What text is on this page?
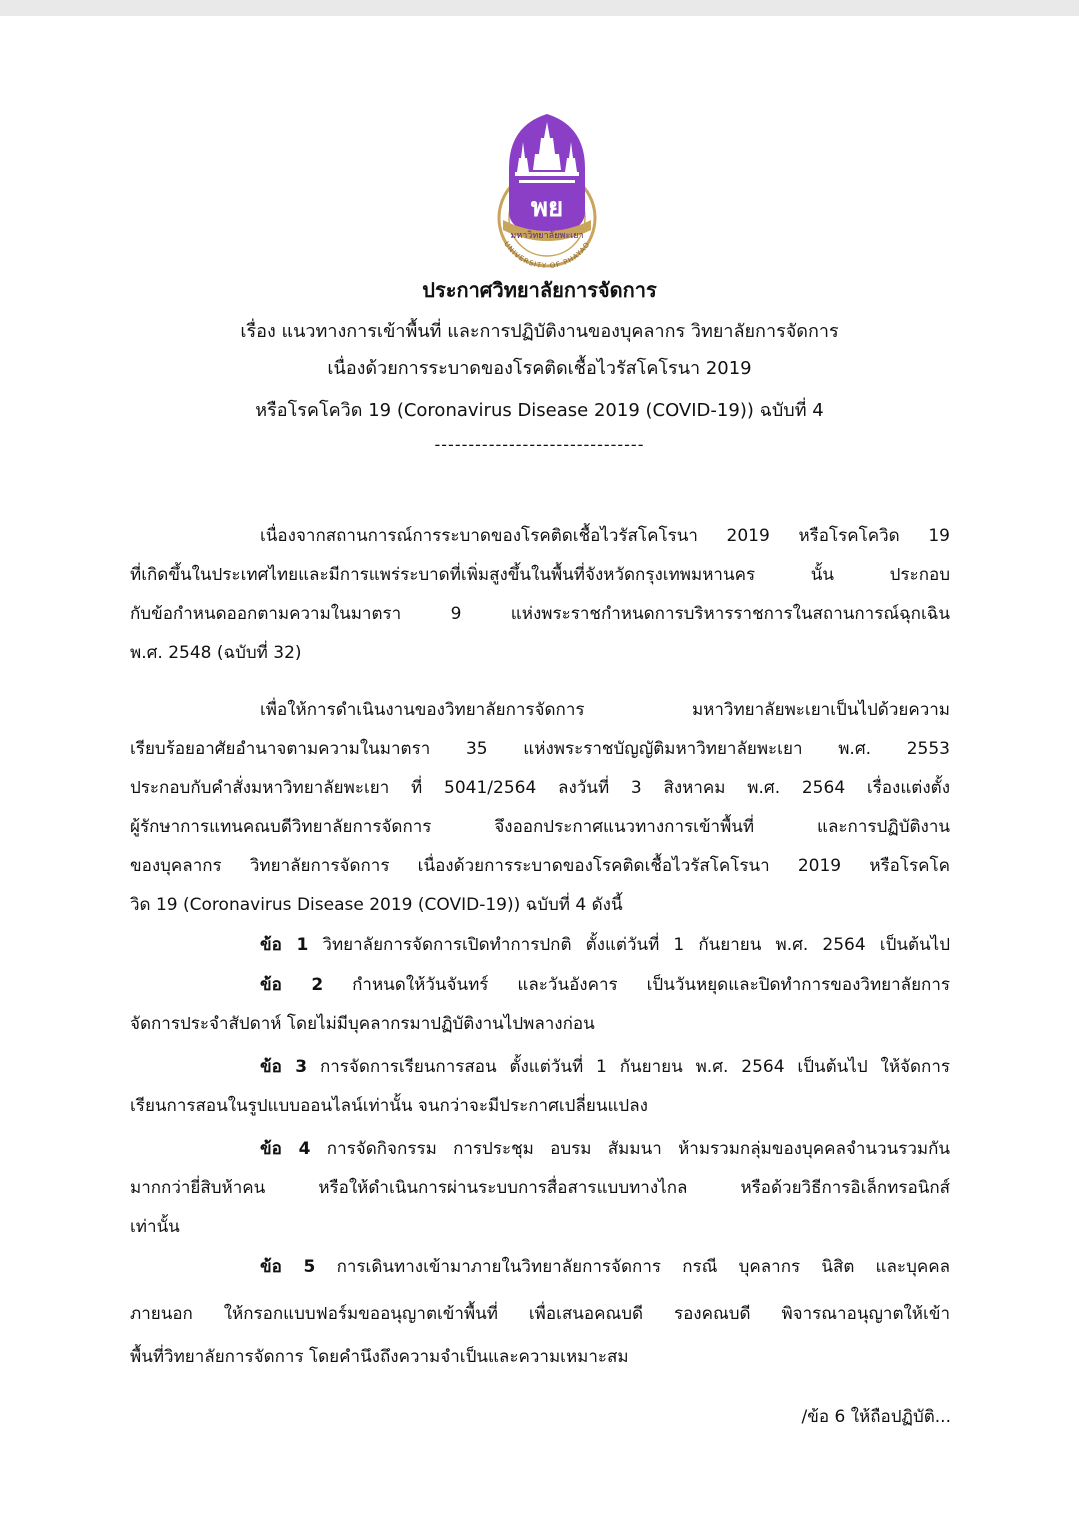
พย
มหาวิทยาลัยพะเยา
UNIVERSITY OF PHAYAO
ประกาศวิทยาลัยการจัดการ
เรื่อง แนวทางการเข้าพื้นที่ และการปฏิบัติงานของบุคลากร วิทยาลัยการจัดการ
เนื่องด้วยการระบาดของโรคติดเชื้อไวรัสโคโรนา 2019
หรือโรคโควิด 19 (Coronavirus Disease 2019 (COVID-19)) ฉบับที่ 4
-------------------------------
เนื่องจากสถานการณ์การระบาดของโรคติดเชื้อไวรัสโคโรนา 2019 หรือโรคโควิด 19
ที่เกิดขึ้นในประเทศไทยและมีการแพร่ระบาดที่เพิ่มสูงขึ้นในพื้นที่จังหวัดกรุงเทพมหานคร นั้น ประกอบ
กับข้อกำหนดออกตามความในมาตรา 9 แห่งพระราชกำหนดการบริหารราชการในสถานการณ์ฉุกเฉิน
พ.ศ. 2548 (ฉบับที่ 32)
เพื่อให้การดำเนินงานของวิทยาลัยการจัดการ มหาวิทยาลัยพะเยาเป็นไปด้วยความ
เรียบร้อยอาศัยอำนาจตามความในมาตรา 35 แห่งพระราชบัญญัติมหาวิทยาลัยพะเยา พ.ศ. 2553
ประกอบกับคำสั่งมหาวิทยาลัยพะเยา ที่ 5041/2564 ลงวันที่ 3 สิงหาคม พ.ศ. 2564 เรื่องแต่งตั้ง
ผู้รักษาการแทนคณบดีวิทยาลัยการจัดการ จึงออกประกาศแนวทางการเข้าพื้นที่ และการปฏิบัติงาน
ของบุคลากร วิทยาลัยการจัดการ เนื่องด้วยการระบาดของโรคติดเชื้อไวรัสโคโรนา 2019 หรือโรคโค
วิด 19 (Coronavirus Disease 2019 (COVID-19)) ฉบับที่ 4 ดังนี้
ข้อ 1 วิทยาลัยการจัดการเปิดทำการปกติ ตั้งแต่วันที่ 1 กันยายน พ.ศ. 2564 เป็นต้นไป
ข้อ 2 กำหนดให้วันจันทร์ และวันอังคาร เป็นวันหยุดและปิดทำการของวิทยาลัยการ
จัดการประจำสัปดาห์ โดยไม่มีบุคลากรมาปฏิบัติงานไปพลางก่อน
ข้อ 3 การจัดการเรียนการสอน ตั้งแต่วันที่ 1 กันยายน พ.ศ. 2564 เป็นต้นไป ให้จัดการ
เรียนการสอนในรูปแบบออนไลน์เท่านั้น จนกว่าจะมีประกาศเปลี่ยนแปลง
ข้อ 4 การจัดกิจกรรม การประชุม อบรม สัมมนา ห้ามรวมกลุ่มของบุคคลจำนวนรวมกัน
มากกว่ายี่สิบห้าคน หรือให้ดำเนินการผ่านระบบการสื่อสารแบบทางไกล หรือด้วยวิธีการอิเล็กทรอนิกส์
เท่านั้น
ข้อ 5 การเดินทางเข้ามาภายในวิทยาลัยการจัดการ กรณี บุคลากร นิสิต และบุคคล
ภายนอก ให้กรอกแบบฟอร์มขออนุญาตเข้าพื้นที่ เพื่อเสนอคณบดี รองคณบดี พิจารณาอนุญาตให้เข้า
พื้นที่วิทยาลัยการจัดการ โดยคำนึงถึงความจำเป็นและความเหมาะสม
/ข้อ 6 ให้ถือปฏิบัติ...
